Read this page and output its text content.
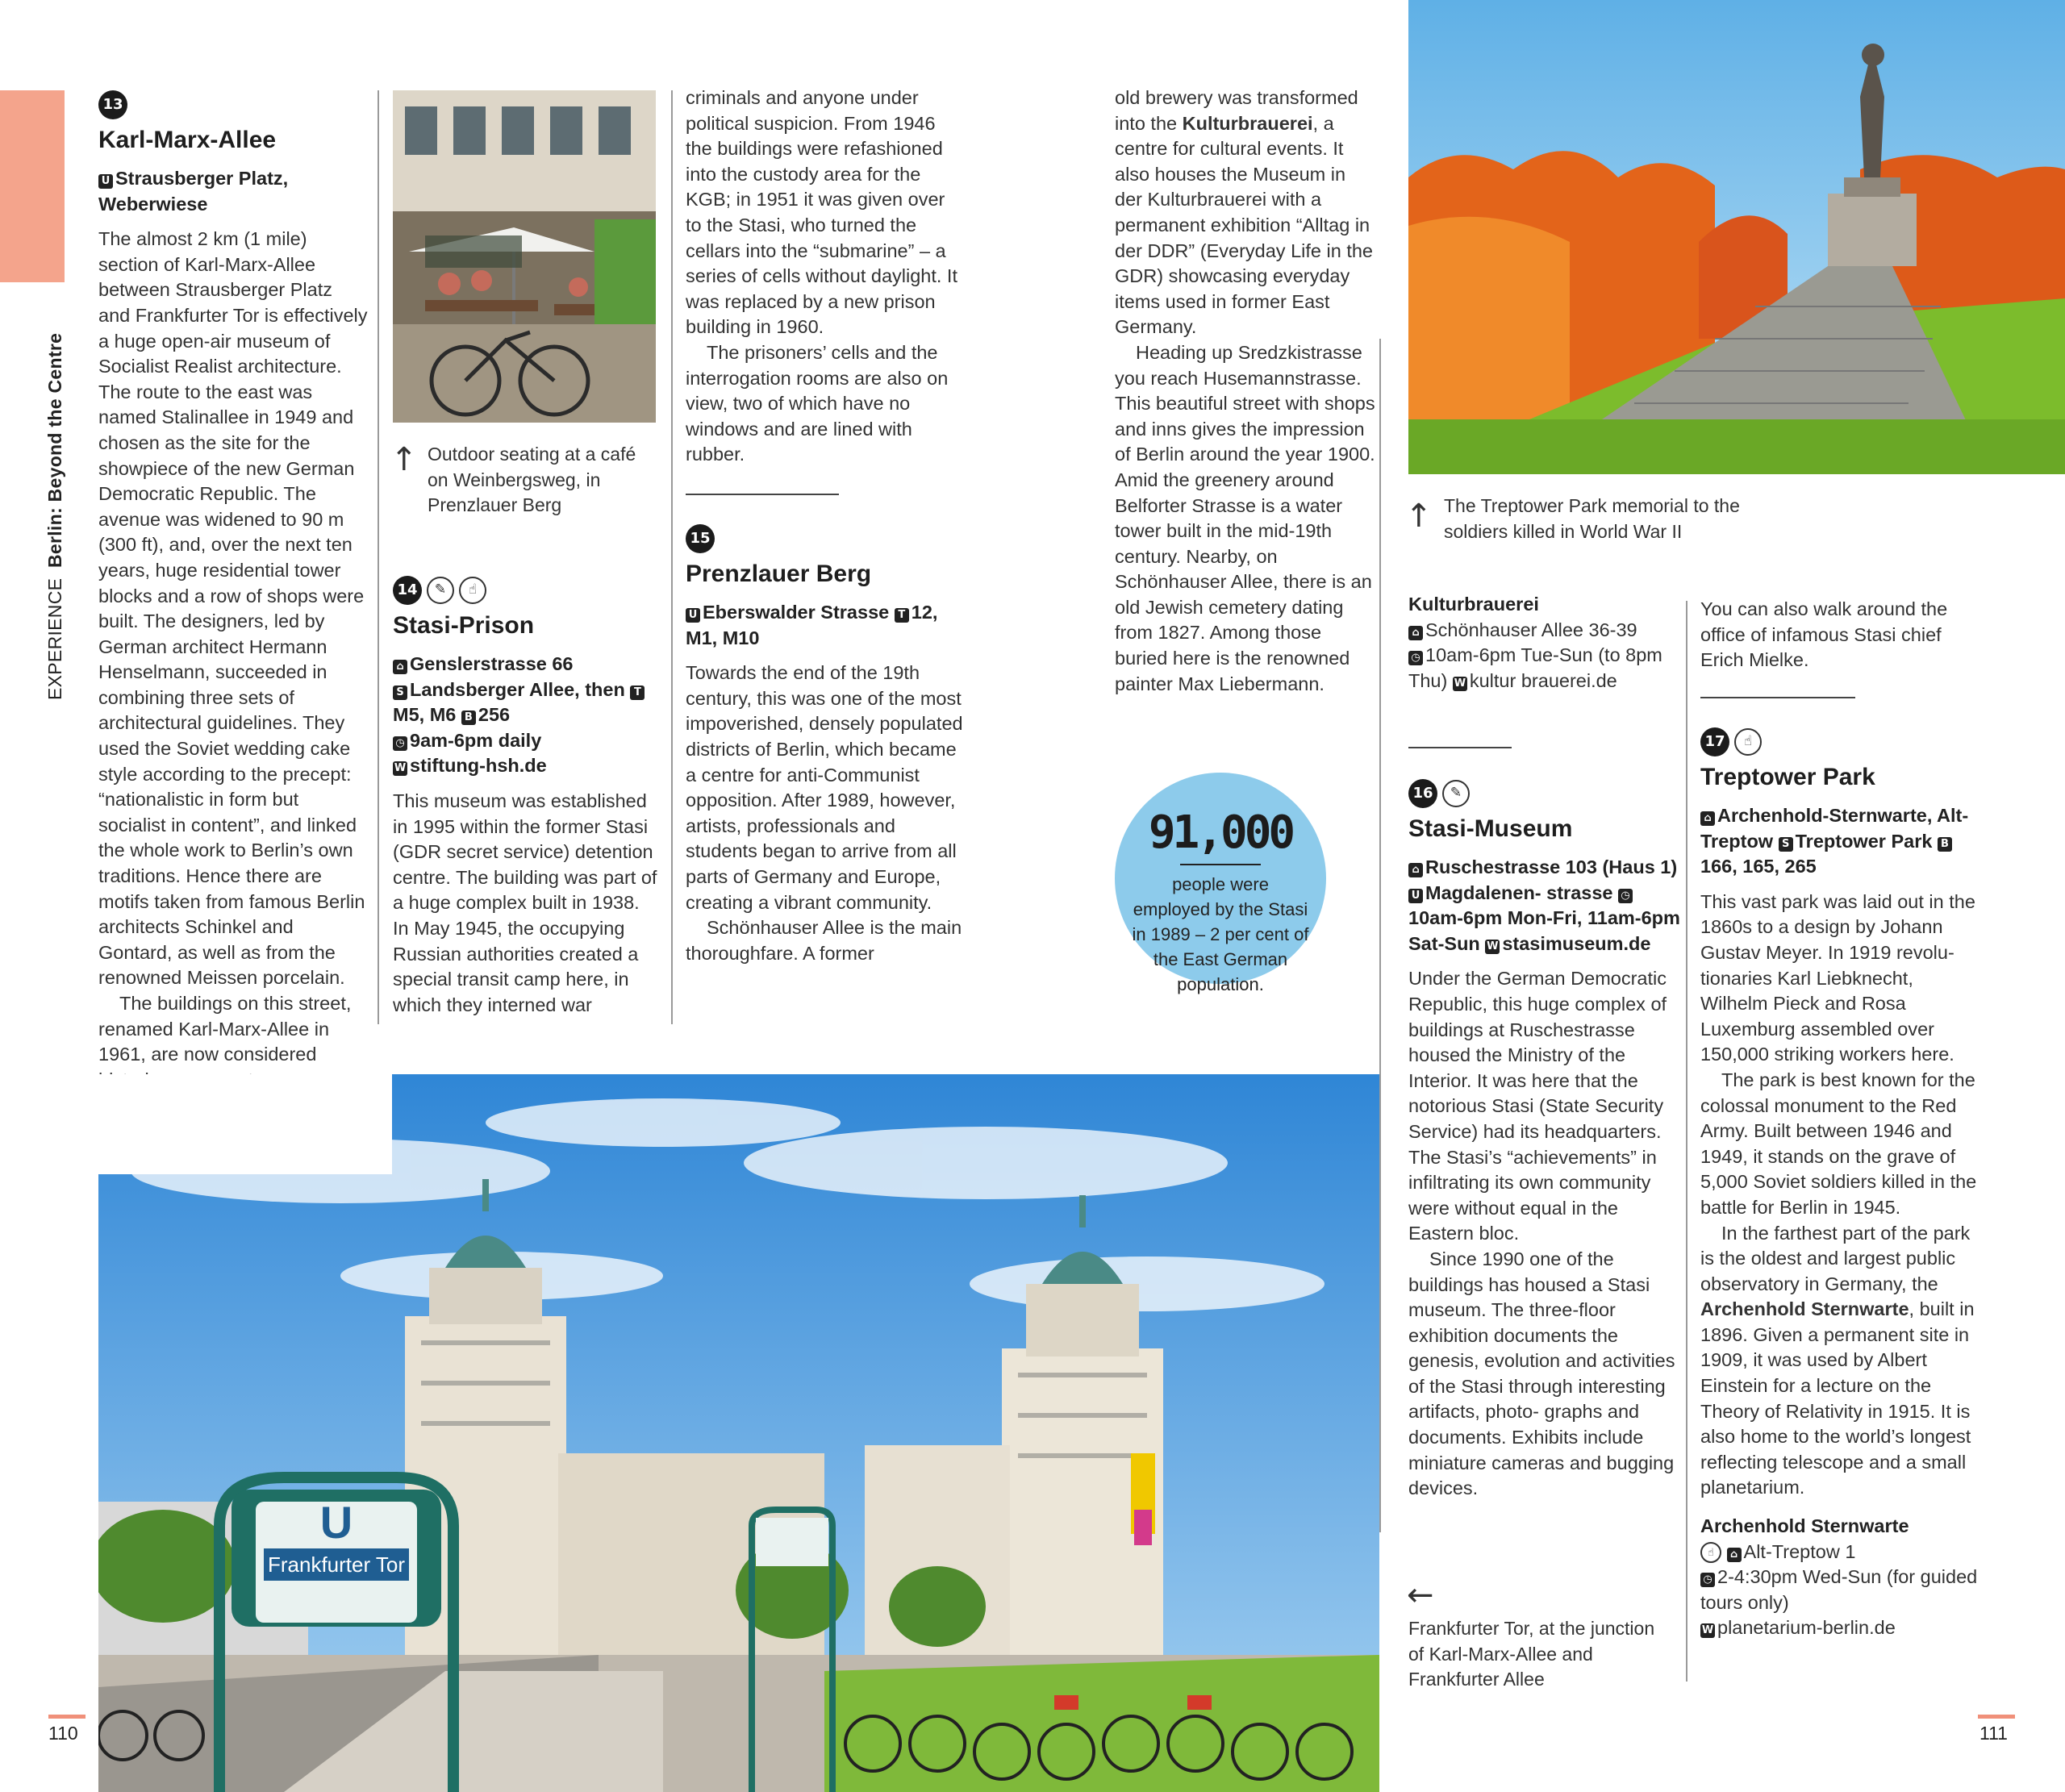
EXPERIENCE Berlin: Beyond the Centre
13
Karl-Marx-Allee
U Strausberger Platz, Weberwiese

The almost 2 km (1 mile) section of Karl-Marx-Allee between Strausberger Platz and Frankfurter Tor is effectively a huge open-air museum of Socialist Realist architecture. The route to the east was named Stalinallee in 1949 and chosen as the site for the showpiece of the new German Democratic Republic. The avenue was widened to 90 m (300 ft), and, over the next ten years, huge residential tower blocks and a row of shops were built. The designers, led by German architect Hermann Henselmann, succeeded in combining three sets of architectural guidelines. They used the Soviet wedding cake style according to the precept: “nationalistic in form but socialist in content”, and linked the whole work to Berlin’s own traditions. Hence there are motifs taken from famous Berlin architects Schinkel and Gontard, as well as from the renowned Meissen porcelain.

The buildings on this street, renamed Karl-Marx-Allee in 1961, are now considered

↑ Outdoor seating at a café on Weinbergsweg, in Prenzlauer Berg
14 ✎ ☝
Stasi-Prison
⌂ Genslerstrasse 66
S Landsberger Allee, then TM5, M6 B 256
◷ 9am-6pm daily
W stiftung-hsh.de

This museum was established in 1995 within the former Stasi (GDR secret service) detention centre. The building was part of a huge complex built in 1938. In May 1945, the occupying Russian authorities created a special transit camp here, in which they interned war

criminals and anyone under political suspicion. From 1946 the buildings were refashioned into the custody area for the KGB; in 1951 it was given over to the Stasi, who turned the cellars into the “submarine” – a series of cells without daylight. It was replaced by a new prison building in 1960.

The prisoners’ cells and the interrogation rooms are also on view, two of which have no windows and are lined with rubber.

15
Prenzlauer Berg
U Eberswalder Strasse T 12, M1, M10

Towards the end of the 19th century, this was one of the most impoverished, densely populated districts of Berlin, which became a centre for anti-Communist opposition. After 1989, however, artists, professionals and students began to arrive from all parts of Germany and Europe, creating a vibrant community.

Schönhauser Allee is the main thoroughfare. A former

old brewery was transformed into the Kulturbrauerei, a centre for cultural events. It also houses the Museum in der Kulturbrauerei with a permanent exhibition “Alltag in der DDR” (Everyday Life in the GDR) showcasing everyday items used in former East Germany.

Heading up Sredzkistrasse you reach Husemannstrasse. This beautiful street with shops and inns gives the impression of Berlin around the year 1900. Amid the greenery around Belforter Strasse is a water tower built in the mid-19th century. Nearby, on Schönhauser Allee, there is an old Jewish cemetery dating from 1827. Among those buried here is the renowned painter Max Liebermann.

91,000
people were employed by the Stasi in 1989 – 2 per cent of the East German population.
↑ The Treptower Park memorial to the soldiers killed in World War II
Kulturbrauerei
⌂ Schönhauser Allee 36-39
◷ 10am-6pm Tue-Sun (to 8pm Thu) W kultur brauerei.de
16 ✎
Stasi-Museum
⌂ Ruschestrasse 103 (Haus 1) U Magdalenen- strasse ◷10am-6pm Mon-Fri, 11am-6pm Sat-Sun W stasimuseum.de

Under the German Democratic Republic, this huge complex of buildings at Ruschestrasse housed the Ministry of the Interior. It was here that the notorious Stasi (State Security Service) had its headquarters. The Stasi’s “achievements” in infiltrating its own community were without equal in the Eastern bloc.

Since 1990 one of the buildings has housed a Stasi museum. The three-floor exhibition documents the genesis, evolution and activities of the Stasi through interesting artifacts, photo- graphs and documents. Exhibits include miniature cameras and bugging devices.

←
Frankfurter Tor, at the junction of Karl-Marx-Allee and Frankfurter Allee

You can also walk around the office of infamous Stasi chief Erich Mielke.

17 ☝
Treptower Park
⌂ Archenhold-Sternwarte, Alt-Treptow S Treptower Park B166, 165, 265

This vast park was laid out in the 1860s to a design by Johann Gustav Meyer. In 1919 revolu- tionaries Karl Liebknecht, Wilhelm Pieck and Rosa Luxemburg assembled over 150,000 striking workers here.

The park is best known for the colossal monument to the Red Army. Built between 1946 and 1949, it stands on the grave of 5,000 Soviet soldiers killed in the battle for Berlin in 1945.

In the farthest part of the park is the oldest and largest public observatory in Germany, the Archenhold Sternwarte, built in 1896. Given a permanent site in 1909, it was used by Albert Einstein for a lecture on the Theory of Relativity in 1915. It is also home to the world’s longest reflecting telescope and a small planetarium.

Archenhold Sternwarte
☝ ⌂ Alt-Treptow 1
◷ 2-4:30pm Wed-Sun (for guided tours only)
W planetarium-berlin.de
U
Frankfurter Tor
110	111
